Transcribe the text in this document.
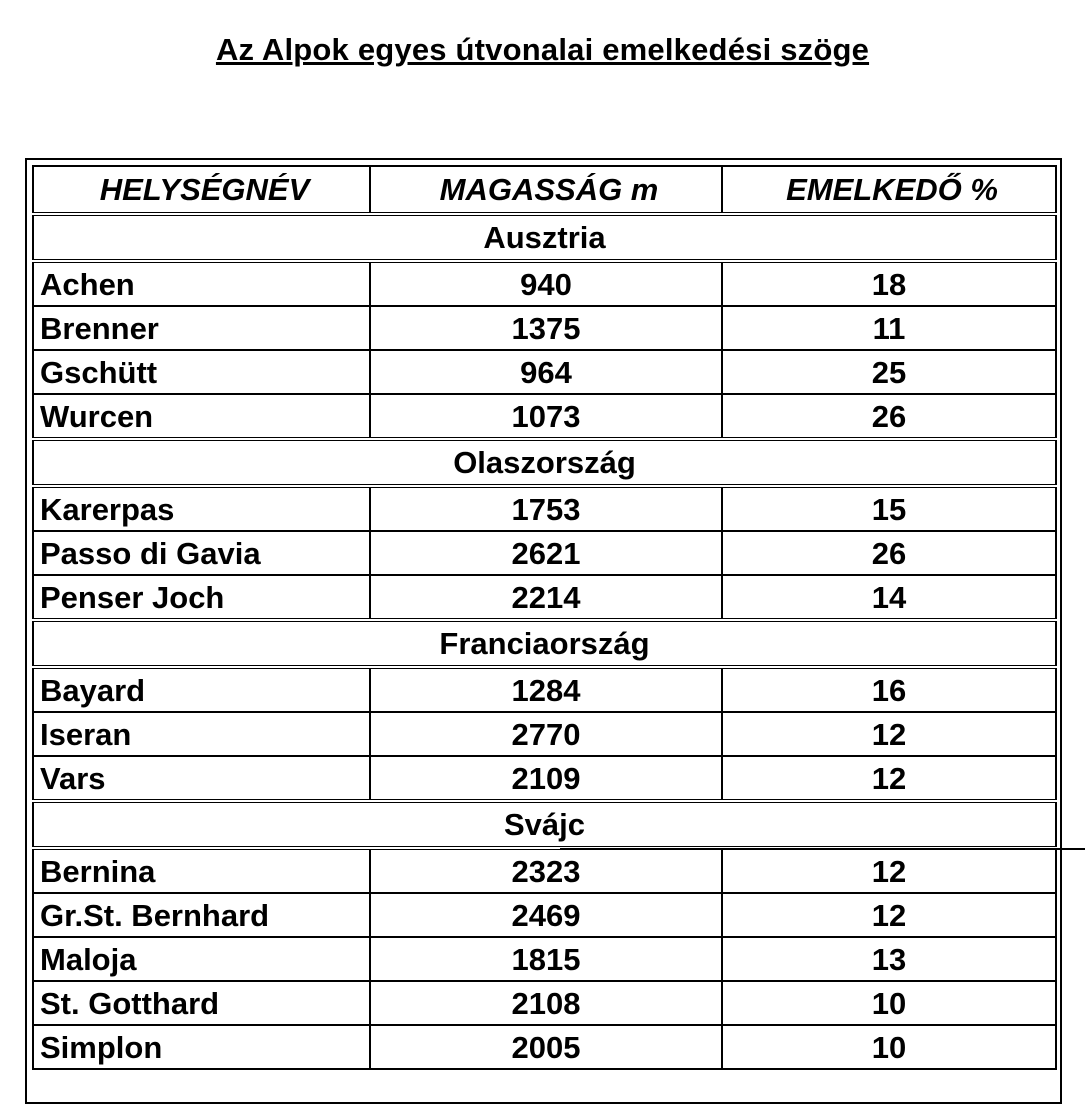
Az Alpok egyes útvonalai emelkedési szöge
HELYSÉGNÉV	MAGASSÁG m	EMELKEDŐ %
Ausztria		
Achen	940	18
Brenner	1375	11
Gschütt	964	25
Wurcen	1073	26
Olaszország		
Karerpas	1753	15
Passo di Gavia	2621	26
Penser Joch	2214	14
Franciaország		
Bayard	1284	16
Iseran	2770	12
Vars	2109	12
Svájc		
Bernina	2323	12
Gr.St. Bernhard	2469	12
Maloja	1815	13
St. Gotthard	2108	10
Simplon	2005	10
